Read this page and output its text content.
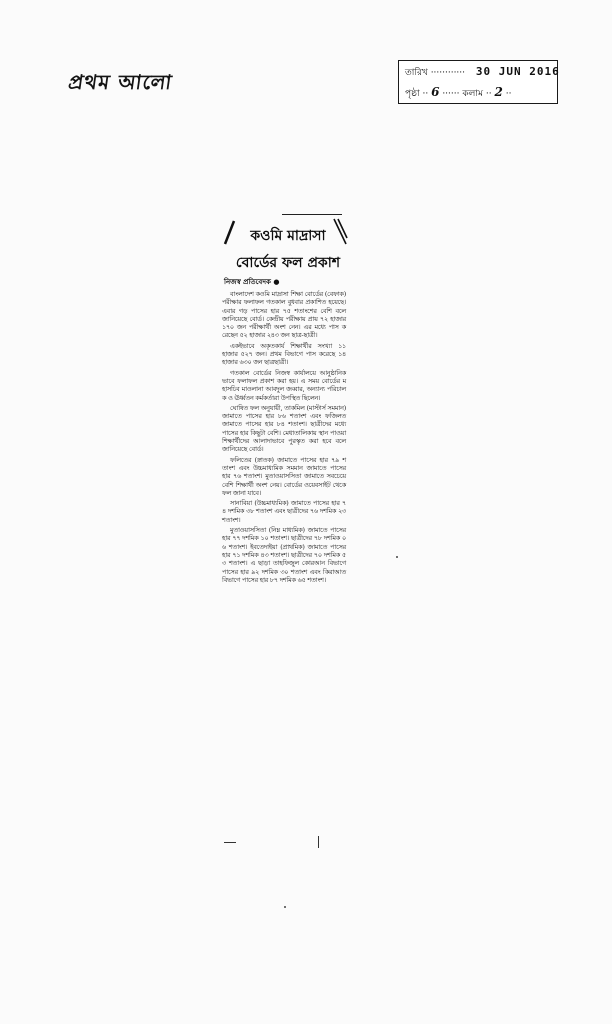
প্রথম আলো	তারিখ ············ 30 JUN 2016
পৃষ্ঠা ·· 6 ······ কলাম ·· 2 ··
কওমি মাদ্রাসা
বোর্ডের ফল প্রকাশ
নিজস্ব প্রতিবেদক ●

বাংলাদেশ কওমি মাদ্রাসা শিক্ষা বোর্ডের (বেফাক) পরীক্ষার ফলাফল গতকাল বুধবার প্রকাশিত হয়েছে। এবার গড় পাসের হার ৭৫ শতাংশের বেশি বলে জানিয়েছে বোর্ড। কেন্দ্রীয় পরীক্ষায় প্রায় ৭২ হাজার ১৭০ জন পরীক্ষার্থী অংশ নেন। এর মধ্যে পাস করেছেন ৫২ হাজার ২৪৩ জন ছাত্র-ছাত্রী।

একইভাবে অকৃতকার্য শিক্ষার্থীর সংখ্যা ১১ হাজার ৫২৭ জন। প্রথম বিভাগে পাস করেছে ১৪ হাজার ৬৩০ জন ছাত্রছাত্রী।

গতকাল বোর্ডের নিজস্ব কার্যালয়ে আনুষ্ঠানিকভাবে ফলাফল প্রকাশ করা হয়। এ সময় বোর্ডের মহাসচিব মাওলানা আবদুল জব্বার, অন্যান্য পরিচালক ও ঊর্ধ্বতন কর্মকর্তারা উপস্থিত ছিলেন।

ঘোষিত ফল অনুযায়ী, তাকমিল (মাস্টার্স সমমান) জামাতে পাসের হার ৮৬ শতাংশ এবং ফজিলত জামাতে পাসের হার ৮৪ শতাংশ। ছাত্রীদের মধ্যে পাসের হার কিছুটা বেশি। মেধাতালিকায় স্থান পাওয়া শিক্ষার্থীদের আলাদাভাবে পুরস্কৃত করা হবে বলে জানিয়েছে বোর্ড।

ফলিতের (স্নাতক) জামাতে পাসের হার ৭৯ শতাংশ এবং উচ্চমাধ্যমিক সমমান জামাতে পাসের হার ৭৬ শতাংশ। মুতাওয়াসসিতা জামাতে সবচেয়ে বেশি শিক্ষার্থী অংশ নেয়। বোর্ডের ওয়েবসাইট থেকে ফল জানা যাবে।

সানাবিয়া (উচ্চমাধ্যমিক) জামাতে পাসের হার ৭৪ দশমিক ৩৮ শতাংশ এবং ছাত্রীদের ৭৬ দশমিক ২৩ শতাংশ।

মুতাওয়াসসিতা (নিম্ন মাধ্যমিক) জামাতে পাসের হার ৭৭ দশমিক ১০ শতাংশ। ছাত্রীদের ৭৮ দশমিক ০৬ শতাংশ। ইবতেদাইয়া (প্রাথমিক) জামাতে পাসের হার ৭১ দশমিক ৪৩ শতাংশ। ছাত্রীদের ৭০ দশমিক ৫৩ শতাংশ। এ ছাড়া তাহফিজুল কোরআন বিভাগে পাসের হার ৯২ দশমিক ৩০ শতাংশ এবং কিরাআত বিভাগে পাসের হার ৮৭ দশমিক ৬৫ শতাংশ।
